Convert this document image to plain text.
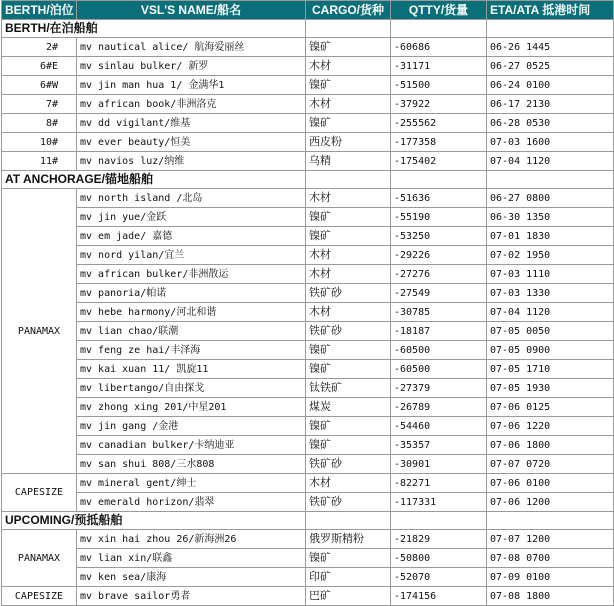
BERTH/泊位	VSL'S NAME/船名	CARGO/货种	QTTY/货量	ETA/ATA 抵港时间
BERTH/在泊船舶				
2#	mv nautical alice/ 航海爱丽丝	镍矿	-60686	06-26 1445
6#E	mv sinlau bulker/ 新罗	木材	-31171	06-27 0525
6#W	mv jin man hua 1/ 金满华1	镍矿	-51500	06-24 0100
7#	mv african book/非洲洛克	木材	-37922	06-17 2130
8#	mv dd vigilant/维基	镍矿	-255562	06-28 0530
10#	mv ever beauty/恒美	西皮粉	-177358	07-03 1600
11#	mv navios luz/纳维	乌精	-175402	07-04 1120
AT ANCHORAGE/锚地船舶				
PANAMAX	mv north island /北岛	木材	-51636	06-27 0800
	mv jin yue/金跃	镍矿	-55190	06-30 1350
	mv em jade/ 嘉德	镍矿	-53250	07-01 1830
	mv nord yilan/宜兰	木材	-29226	07-02 1950
	mv african bulker/非洲散运	木材	-27276	07-03 1110
	mv panoria/帕诺	铁矿砂	-27549	07-03 1330
	mv hebe harmony/河北和谐	木材	-30785	07-04 1120
	mv lian chao/联潮	铁矿砂	-18187	07-05 0050
	mv feng ze hai/丰泽海	镍矿	-60500	07-05 0900
	mv kai xuan 11/ 凯旋11	镍矿	-60500	07-05 1710
	mv libertango/自由探戈	钛铁矿	-27379	07-05 1930
	mv zhong xing 201/中星201	煤炭	-26789	07-06 0125
	mv jin gang /金港	镍矿	-54460	07-06 1220
	mv canadian bulker/卡纳迪亚	镍矿	-35357	07-06 1800
	mv san shui 808/三水808	铁矿砂	-30901	07-07 0720
CAPESIZE	mv mineral gent/绅士	木材	-82271	07-06 0100
	mv emerald horizon/翡翠	铁矿砂	-117331	07-06 1200
UPCOMING/预抵船舶				
PANAMAX	mv xin hai zhou 26/新海洲26	俄罗斯精粉	-21829	07-07 1200
	mv lian xin/联鑫	镍矿	-50800	07-08 0700
	mv ken sea/康海	印矿	-52070	07-09 0100
CAPESIZE	mv brave sailor勇者	巴矿	-174156	07-08 1800
